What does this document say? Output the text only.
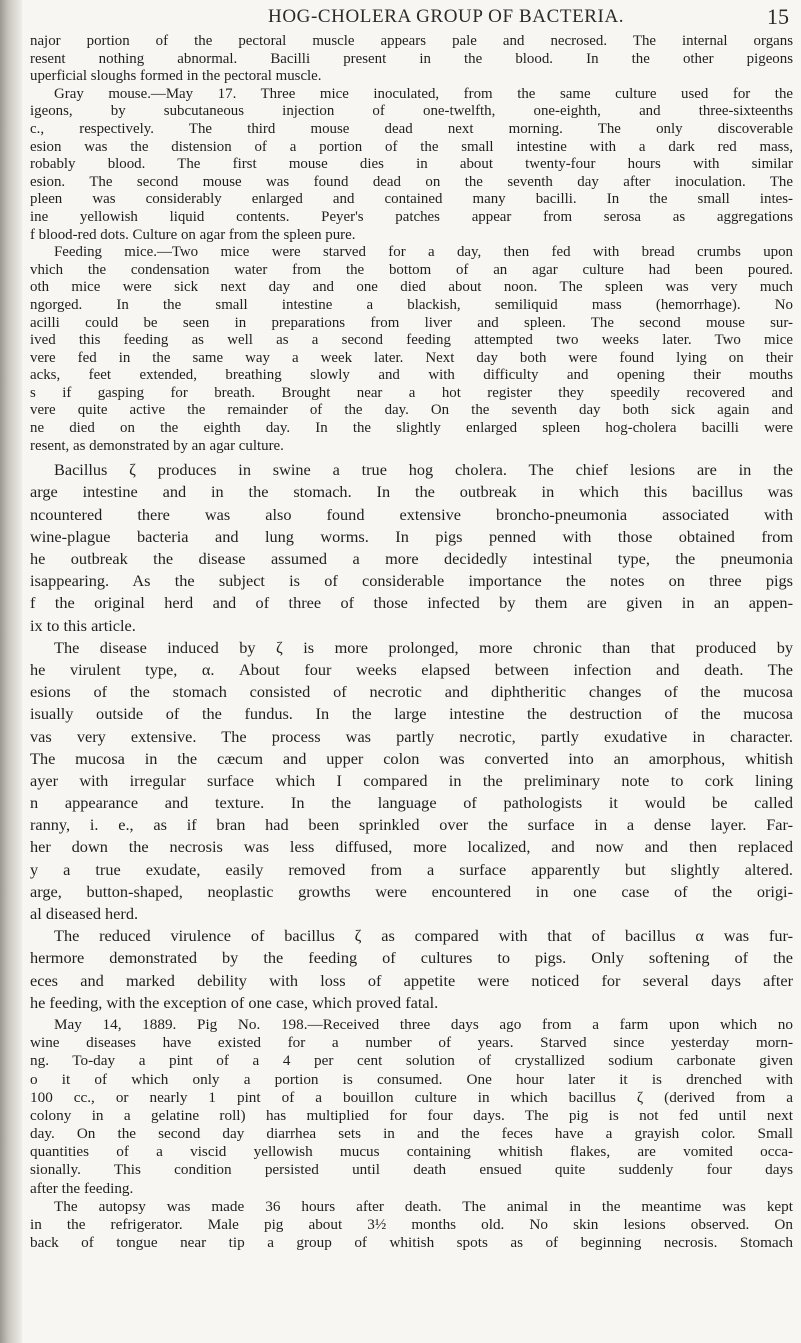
HOG-CHOLERA GROUP OF BACTERIA.	15
najor portion of the pectoral muscle appears pale and necrosed. The internal organs
resent nothing abnormal. Bacilli present in the blood. In the other pigeons
uperficial sloughs formed in the pectoral muscle.
Gray mouse.—May 17. Three mice inoculated, from the same culture used for the
igeons, by subcutaneous injection of one-twelfth, one-eighth, and three-sixteenths
c., respectively. The third mouse dead next morning. The only discoverable
esion was the distension of a portion of the small intestine with a dark red mass,
robably blood. The first mouse dies in about twenty-four hours with similar
esion. The second mouse was found dead on the seventh day after inoculation. The
pleen was considerably enlarged and contained many bacilli. In the small intes-
ine yellowish liquid contents. Peyer's patches appear from serosa as aggregations
f blood-red dots. Culture on agar from the spleen pure.
Feeding mice.—Two mice were starved for a day, then fed with bread crumbs upon
vhich the condensation water from the bottom of an agar culture had been poured.
oth mice were sick next day and one died about noon. The spleen was very much
ngorged. In the small intestine a blackish, semiliquid mass (hemorrhage). No
acilli could be seen in preparations from liver and spleen. The second mouse sur-
ived this feeding as well as a second feeding attempted two weeks later. Two mice
vere fed in the same way a week later. Next day both were found lying on their
acks, feet extended, breathing slowly and with difficulty and opening their mouths
s if gasping for breath. Brought near a hot register they speedily recovered and
vere quite active the remainder of the day. On the seventh day both sick again and
ne died on the eighth day. In the slightly enlarged spleen hog-cholera bacilli were
resent, as demonstrated by an agar culture.
Bacillus ζ produces in swine a true hog cholera. The chief lesions are in the
arge intestine and in the stomach. In the outbreak in which this bacillus was
ncountered there was also found extensive broncho-pneumonia associated with
wine-plague bacteria and lung worms. In pigs penned with those obtained from
he outbreak the disease assumed a more decidedly intestinal type, the pneumonia
isappearing. As the subject is of considerable importance the notes on three pigs
f the original herd and of three of those infected by them are given in an appen-
ix to this article.
The disease induced by ζ is more prolonged, more chronic than that produced by
he virulent type, α. About four weeks elapsed between infection and death. The
esions of the stomach consisted of necrotic and diphtheritic changes of the mucosa
isually outside of the fundus. In the large intestine the destruction of the mucosa
vas very extensive. The process was partly necrotic, partly exudative in character.
The mucosa in the cæcum and upper colon was converted into an amorphous, whitish
ayer with irregular surface which I compared in the preliminary note to cork lining
n appearance and texture. In the language of pathologists it would be called
ranny, i. e., as if bran had been sprinkled over the surface in a dense layer. Far-
her down the necrosis was less diffused, more localized, and now and then replaced
y a true exudate, easily removed from a surface apparently but slightly altered.
arge, button-shaped, neoplastic growths were encountered in one case of the origi-
al diseased herd.
The reduced virulence of bacillus ζ as compared with that of bacillus α was fur-
hermore demonstrated by the feeding of cultures to pigs. Only softening of the
eces and marked debility with loss of appetite were noticed for several days after
he feeding, with the exception of one case, which proved fatal.
May 14, 1889. Pig No. 198.—Received three days ago from a farm upon which no
wine diseases have existed for a number of years. Starved since yesterday morn-
ng. To-day a pint of a 4 per cent solution of crystallized sodium carbonate given
o it of which only a portion is consumed. One hour later it is drenched with
100 cc., or nearly 1 pint of a bouillon culture in which bacillus ζ (derived from a
colony in a gelatine roll) has multiplied for four days. The pig is not fed until next
day. On the second day diarrhea sets in and the feces have a grayish color. Small
quantities of a viscid yellowish mucus containing whitish flakes, are vomited occa-
sionally. This condition persisted until death ensued quite suddenly four days
after the feeding.
The autopsy was made 36 hours after death. The animal in the meantime was kept
in the refrigerator. Male pig about 3½ months old. No skin lesions observed. On
back of tongue near tip a group of whitish spots as of beginning necrosis. Stomach
